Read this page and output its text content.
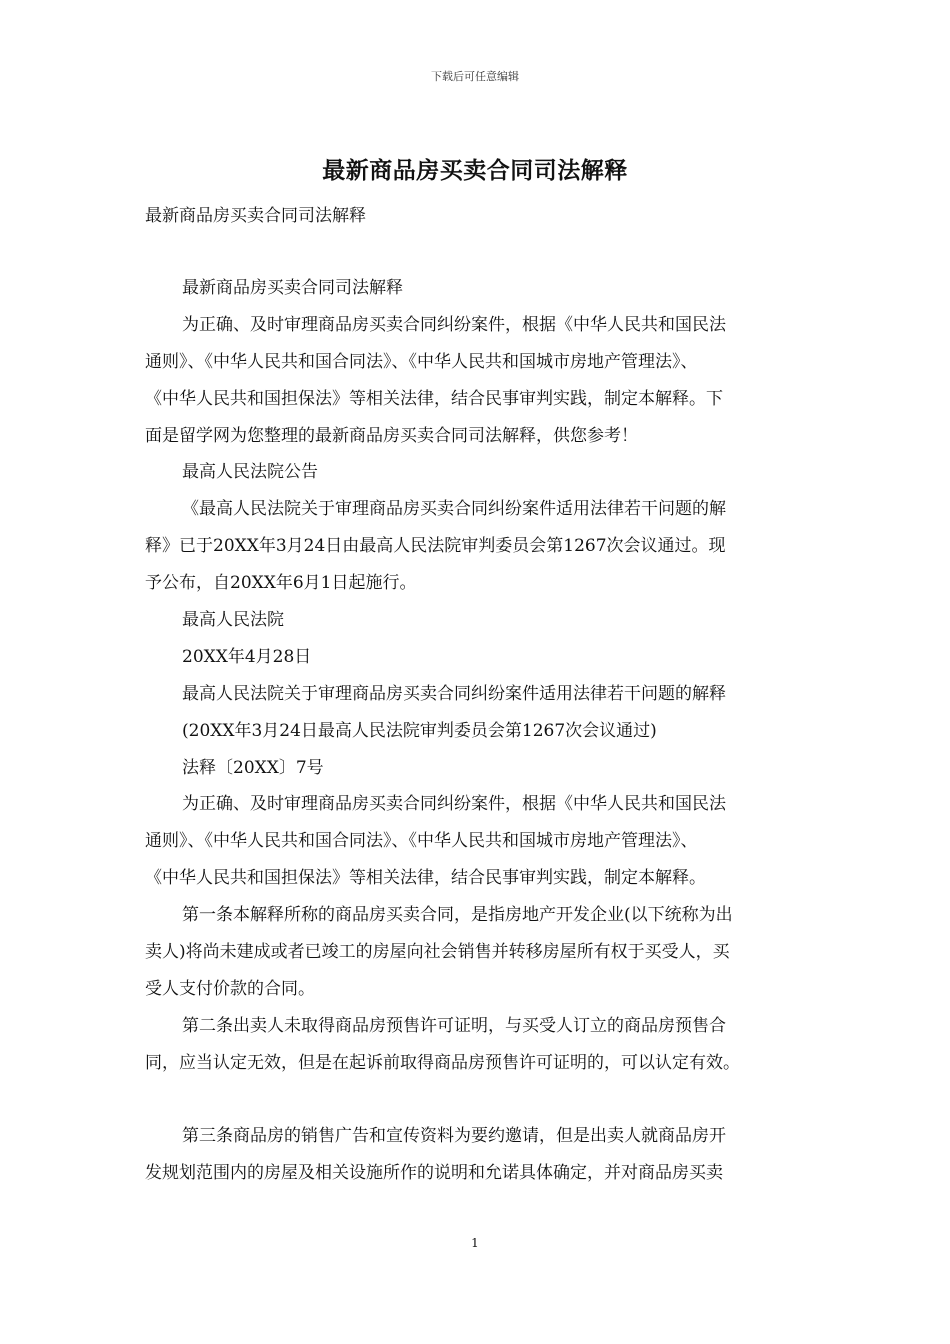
下载后可任意编辑
最新商品房买卖合同司法解释

最新商品房买卖合同司法解释

最新商品房买卖合同司法解释
为正确、及时审理商品房买卖合同纠纷案件，根据《中华人民共和国民法
通则》、《中华人民共和国合同法》、《中华人民共和国城市房地产管理法》、
《中华人民共和国担保法》等相关法律，结合民事审判实践，制定本解释。下
面是留学网为您整理的最新商品房买卖合同司法解释，供您参考！
最高人民法院公告
《最高人民法院关于审理商品房买卖合同纠纷案件适用法律若干问题的解
释》已于20XX年3月24日由最高人民法院审判委员会第1267次会议通过。现
予公布，自20XX年6月1日起施行。
最高人民法院
20XX年4月28日
最高人民法院关于审理商品房买卖合同纠纷案件适用法律若干问题的解释
(20XX年3月24日最高人民法院审判委员会第1267次会议通过)
法释〔20XX〕7号
为正确、及时审理商品房买卖合同纠纷案件，根据《中华人民共和国民法
通则》、《中华人民共和国合同法》、《中华人民共和国城市房地产管理法》、
《中华人民共和国担保法》等相关法律，结合民事审判实践，制定本解释。
第一条本解释所称的商品房买卖合同，是指房地产开发企业(以下统称为出
卖人)将尚未建成或者已竣工的房屋向社会销售并转移房屋所有权于买受人，买
受人支付价款的合同。
第二条出卖人未取得商品房预售许可证明，与买受人订立的商品房预售合
同，应当认定无效，但是在起诉前取得商品房预售许可证明的，可以认定有效。
第三条商品房的销售广告和宣传资料为要约邀请，但是出卖人就商品房开
发规划范围内的房屋及相关设施所作的说明和允诺具体确定，并对商品房买卖
1
